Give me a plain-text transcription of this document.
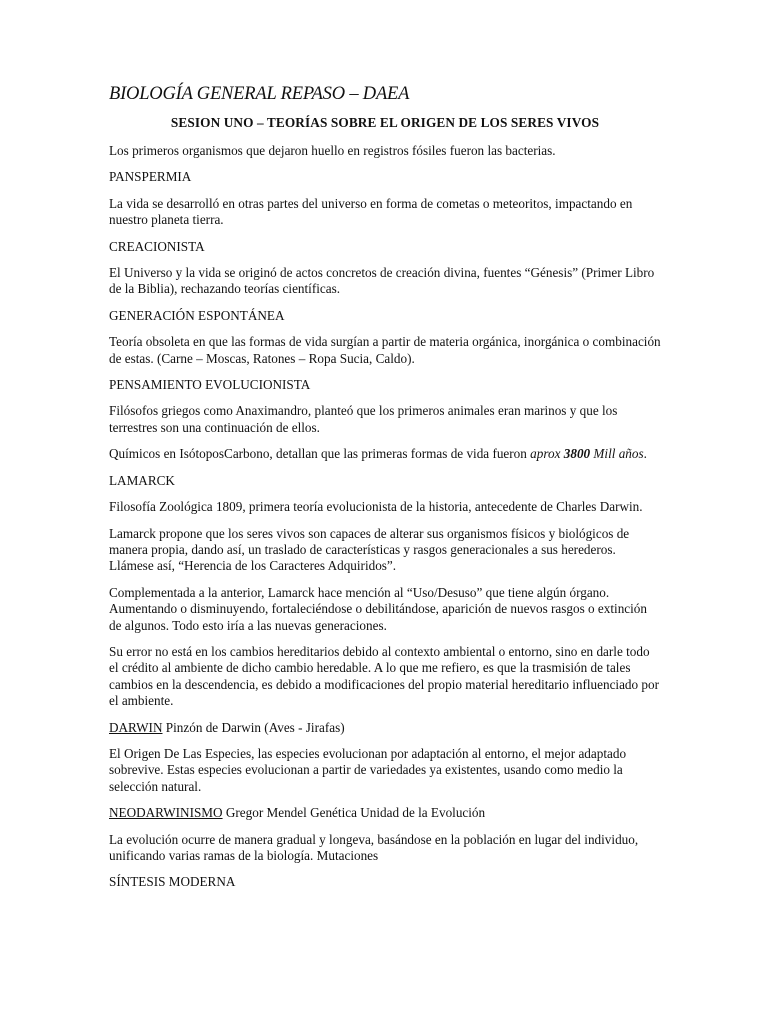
BIOLOGÍA GENERAL REPASO – DAEA
SESION UNO – TEORÍAS SOBRE EL ORIGEN DE LOS SERES VIVOS

Los primeros organismos que dejaron huello en registros fósiles fueron las bacterias.

PANSPERMIA

La vida se desarrolló en otras partes del universo en forma de cometas o meteoritos, impactando en nuestro planeta tierra.

CREACIONISTA

El Universo y la vida se originó de actos concretos de creación divina, fuentes “Génesis” (Primer Libro de la Biblia), rechazando teorías científicas.

GENERACIÓN ESPONTÁNEA

Teoría obsoleta en que las formas de vida surgían a partir de materia orgánica, inorgánica o combinación de estas. (Carne – Moscas, Ratones – Ropa Sucia, Caldo).

PENSAMIENTO EVOLUCIONISTA

Filósofos griegos como Anaximandro, planteó que los primeros animales eran marinos y que los terrestres son una continuación de ellos.

Químicos en IsótoposCarbono, detallan que las primeras formas de vida fueron aprox 3800 Mill años.

LAMARCK

Filosofía Zoológica 1809, primera teoría evolucionista de la historia, antecedente de Charles Darwin.

Lamarck propone que los seres vivos son capaces de alterar sus organismos físicos y biológicos de manera propia, dando así, un traslado de características y rasgos generacionales a sus herederos. Llámese así, “Herencia de los Caracteres Adquiridos”.

Complementada a la anterior, Lamarck hace mención al “Uso/Desuso” que tiene algún órgano. Aumentando o disminuyendo, fortaleciéndose o debilitándose, aparición de nuevos rasgos o extinción de algunos. Todo esto iría a las nuevas generaciones.

Su error no está en los cambios hereditarios debido al contexto ambiental o entorno, sino en darle todo el crédito al ambiente de dicho cambio heredable. A lo que me refiero, es que la trasmisión de tales cambios en la descendencia, es debido a modificaciones del propio material hereditario influenciado por el ambiente.

DARWIN Pinzón de Darwin (Aves - Jirafas)

El Origen De Las Especies, las especies evolucionan por adaptación al entorno, el mejor adaptado sobrevive. Estas especies evolucionan a partir de variedades ya existentes, usando como medio la selección natural.

NEODARWINISMO Gregor Mendel Genética Unidad de la Evolución

La evolución ocurre de manera gradual y longeva, basándose en la población en lugar del individuo, unificando varias ramas de la biología. Mutaciones

SÍNTESIS MODERNA
